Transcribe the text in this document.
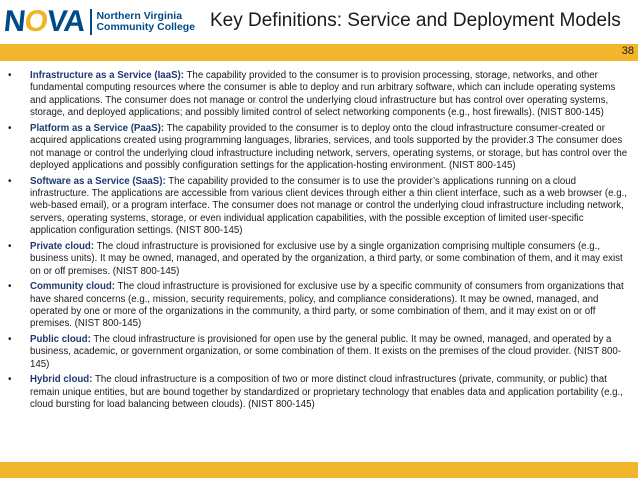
NOVA Northern Virginia
Community College Key Definitions: Service and Deployment Models
38
• Infrastructure as a Service (IaaS): The capability provided to the consumer is to provision processing, storage, networks, and other fundamental computing resources where the consumer is able to deploy and run arbitrary software, which can include operating systems and applications. The consumer does not manage or control the underlying cloud infrastructure but has control over operating systems, storage, and deployed applications; and possibly limited control of select networking components (e.g., host firewalls). (NIST 800-145)
• Platform as a Service (PaaS): The capability provided to the consumer is to deploy onto the cloud infrastructure consumer-created or acquired applications created using programming languages, libraries, services, and tools supported by the provider.3 The consumer does not manage or control the underlying cloud infrastructure including network, servers, operating systems, or storage, but has control over the deployed applications and possibly configuration settings for the application-hosting environment. (NIST 800-145)
• Software as a Service (SaaS): The capability provided to the consumer is to use the provider’s applications running on a cloud infrastructure. The applications are accessible from various client devices through either a thin client interface, such as a web browser (e.g., web-based email), or a program interface. The consumer does not manage or control the underlying cloud infrastructure including network, servers, operating systems, storage, or even individual application capabilities, with the possible exception of limited user-specific application configuration settings. (NIST 800-145)
• Private cloud: The cloud infrastructure is provisioned for exclusive use by a single organization comprising multiple consumers (e.g., business units). It may be owned, managed, and operated by the organization, a third party, or some combination of them, and it may exist on or off premises. (NIST 800-145)
• Community cloud: The cloud infrastructure is provisioned for exclusive use by a specific community of consumers from organizations that have shared concerns (e.g., mission, security requirements, policy, and compliance considerations). It may be owned, managed, and operated by one or more of the organizations in the community, a third party, or some combination of them, and it may exist on or off premises. (NIST 800-145)
• Public cloud: The cloud infrastructure is provisioned for open use by the general public. It may be owned, managed, and operated by a business, academic, or government organization, or some combination of them. It exists on the premises of the cloud provider. (NIST 800-145)
• Hybrid cloud: The cloud infrastructure is a composition of two or more distinct cloud infrastructures (private, community, or public) that remain unique entities, but are bound together by standardized or proprietary technology that enables data and application portability (e.g., cloud bursting for load balancing between clouds). (NIST 800-145)
